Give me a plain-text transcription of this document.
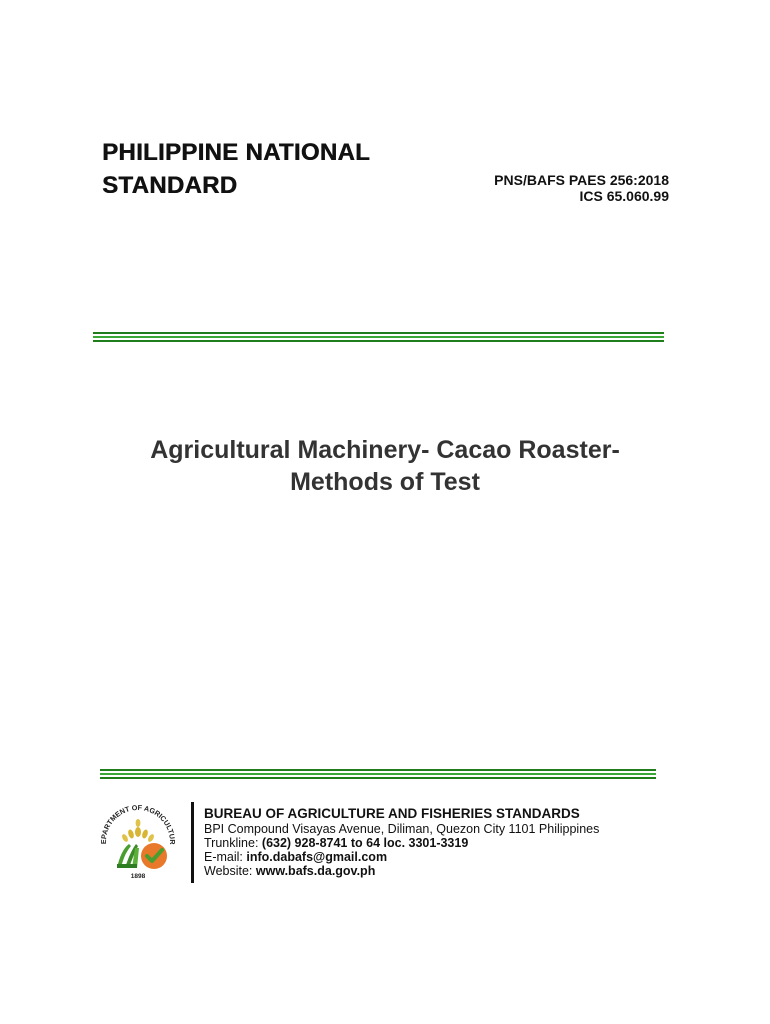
PHILIPPINE NATIONAL
STANDARD	PNS/BAFS PAES 256:2018
ICS 65.060.99
Agricultural Machinery- Cacao Roaster-
Methods of Test
EPARTMENT OF AGRICULTUR
1898
BUREAU OF AGRICULTURE AND FISHERIES STANDARDS
BPI Compound Visayas Avenue, Diliman, Quezon City 1101 Philippines
Trunkline: (632) 928-8741 to 64 loc. 3301-3319
E-mail: info.dabafs@gmail.com
Website: www.bafs.da.gov.ph
